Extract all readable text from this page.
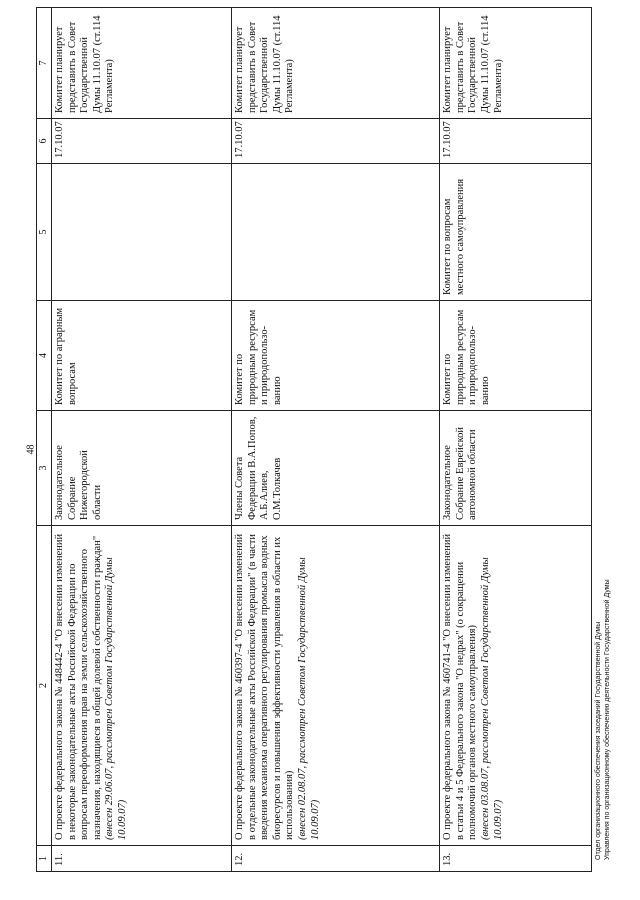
48
1	2	3	4	5	6	7
11.	О проекте федерального закона № 448442-4 "О внесении изменений в некоторые законодательные акты Российской Федерации по вопросам переоформления прав на земли сельскохозяйственного назначения, находящиеся в общей долевой собственности граждан" (внесен 29.06.07, рассмотрен Советом Государственной Думы 10.09.07)	Законодательное Собрание Нижегородской области	Комитет по аграрным вопросам		17.10.07	Комитет планирует представить в Совет Государственной Думы 11.10.07 (ст.114 Регламента)
12.	О проекте федерального закона № 460397-4 "О внесении изменений в отдельные законодательные акты Российской Федерации" (в части введения механизма оперативного регулирования промысла водных биоресурсов и повышения эффективности управления в области их использования) (внесен 02.08.07, рассмотрен Советом Государственной Думы 10.09.07)	Члены Совета Федерации В.А.Попов, А.Б.Алиев, О.М.Толкачев	Комитет по природным ресурсам и природопользо-ванию		17.10.07	Комитет планирует представить в Совет Государственной Думы 11.10.07 (ст.114 Регламента)
13.	О проекте федерального закона № 460741-4 "О внесении изменений в статьи 4 и 5 Федерального закона "О недрах" (о сокращении полномочий органов местного самоуправления) (внесен 03.08.07, рассмотрен Советом Государственной Думы 10.09.07)	Законодательное Собрание Еврейской автономной области	Комитет по природным ресурсам и природопользо-ванию	Комитет по вопросам местного самоуправления	17.10.07	Комитет планирует представить в Совет Государственной Думы 11.10.07 (ст.114 Регламента)
Отдел организационного обеспечения заседаний Государственной Думы Управления по организационному обеспечению деятельности Государственной Думы
